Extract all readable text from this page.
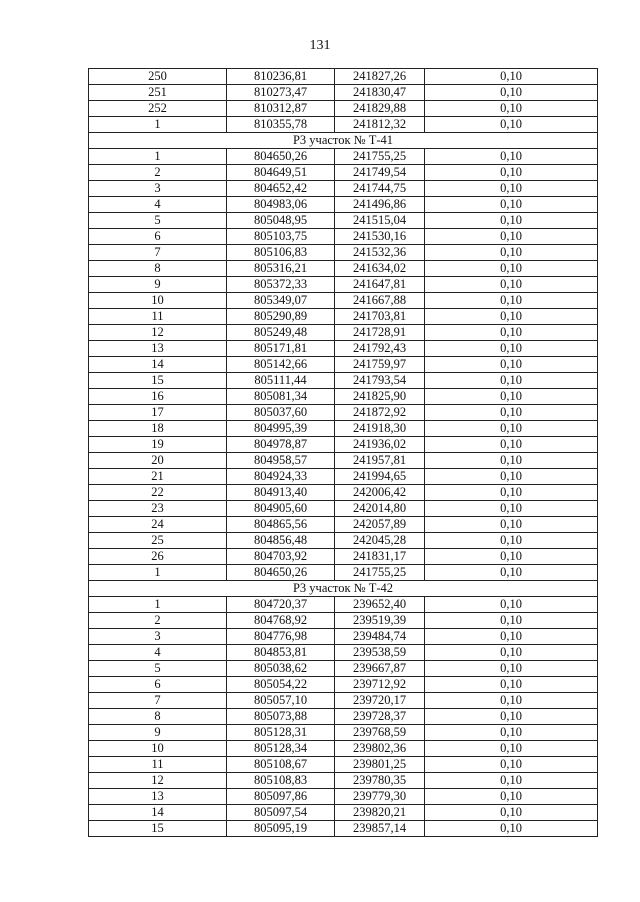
131
250	810236,81	241827,26	0,10
251	810273,47	241830,47	0,10
252	810312,87	241829,88	0,10
1	810355,78	241812,32	0,10
Р3 участок № Т-41			
1	804650,26	241755,25	0,10
2	804649,51	241749,54	0,10
3	804652,42	241744,75	0,10
4	804983,06	241496,86	0,10
5	805048,95	241515,04	0,10
6	805103,75	241530,16	0,10
7	805106,83	241532,36	0,10
8	805316,21	241634,02	0,10
9	805372,33	241647,81	0,10
10	805349,07	241667,88	0,10
11	805290,89	241703,81	0,10
12	805249,48	241728,91	0,10
13	805171,81	241792,43	0,10
14	805142,66	241759,97	0,10
15	805111,44	241793,54	0,10
16	805081,34	241825,90	0,10
17	805037,60	241872,92	0,10
18	804995,39	241918,30	0,10
19	804978,87	241936,02	0,10
20	804958,57	241957,81	0,10
21	804924,33	241994,65	0,10
22	804913,40	242006,42	0,10
23	804905,60	242014,80	0,10
24	804865,56	242057,89	0,10
25	804856,48	242045,28	0,10
26	804703,92	241831,17	0,10
1	804650,26	241755,25	0,10
Р3 участок № Т-42			
1	804720,37	239652,40	0,10
2	804768,92	239519,39	0,10
3	804776,98	239484,74	0,10
4	804853,81	239538,59	0,10
5	805038,62	239667,87	0,10
6	805054,22	239712,92	0,10
7	805057,10	239720,17	0,10
8	805073,88	239728,37	0,10
9	805128,31	239768,59	0,10
10	805128,34	239802,36	0,10
11	805108,67	239801,25	0,10
12	805108,83	239780,35	0,10
13	805097,86	239779,30	0,10
14	805097,54	239820,21	0,10
15	805095,19	239857,14	0,10
